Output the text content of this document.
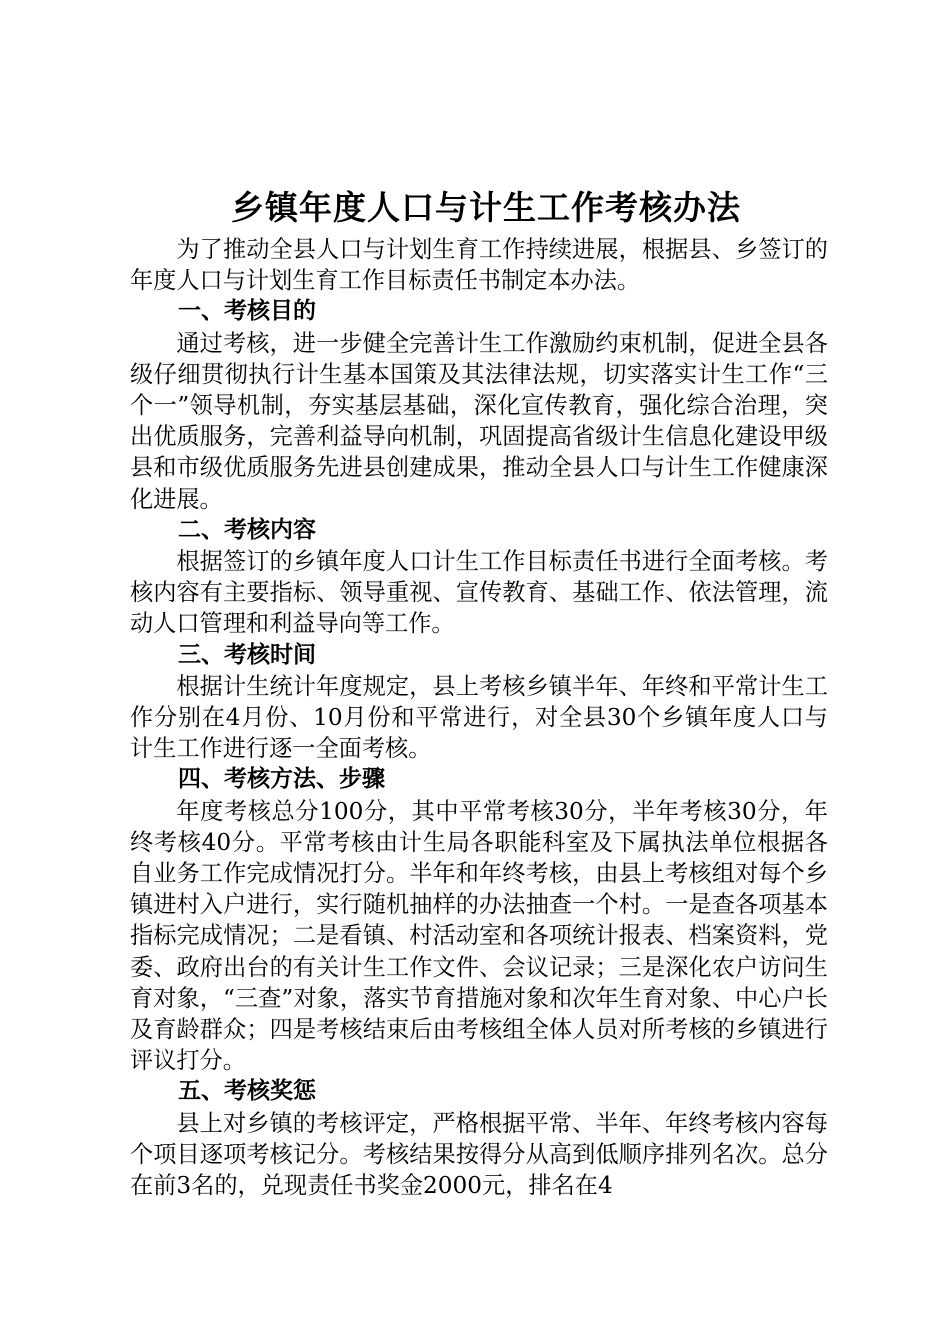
乡镇年度人口与计生工作考核办法

为了推动全县人口与计划生育工作持续进展，根据县、乡签订的年度人口与计划生育工作目标责任书制定本办法。

一、考核目的

通过考核，进一步健全完善计生工作激励约束机制，促进全县各级仔细贯彻执行计生基本国策及其法律法规，切实落实计生工作“三个一”领导机制，夯实基层基础，深化宣传教育，强化综合治理，突出优质服务，完善利益导向机制，巩固提高省级计生信息化建设甲级县和市级优质服务先进县创建成果，推动全县人口与计生工作健康深化进展。

二、考核内容

根据签订的乡镇年度人口计生工作目标责任书进行全面考核。考核内容有主要指标、领导重视、宣传教育、基础工作、依法管理，流动人口管理和利益导向等工作。

三、考核时间

根据计生统计年度规定，县上考核乡镇半年、年终和平常计生工作分别在4月份、10月份和平常进行，对全县30个乡镇年度人口与计生工作进行逐一全面考核。

四、考核方法、步骤

年度考核总分100分，其中平常考核30分，半年考核30分，年终考核40分。平常考核由计生局各职能科室及下属执法单位根据各自业务工作完成情况打分。半年和年终考核，由县上考核组对每个乡镇进村入户进行，实行随机抽样的办法抽查一个村。一是查各项基本指标完成情况；二是看镇、村活动室和各项统计报表、档案资料，党委、政府出台的有关计生工作文件、会议记录；三是深化农户访问生育对象，“三查”对象，落实节育措施对象和次年生育对象、中心户长及育龄群众；四是考核结束后由考核组全体人员对所考核的乡镇进行评议打分。

五、考核奖惩

县上对乡镇的考核评定，严格根据平常、半年、年终考核内容每个项目逐项考核记分。考核结果按得分从高到低顺序排列名次。总分在前3名的，兑现责任书奖金2000元，排名在4
